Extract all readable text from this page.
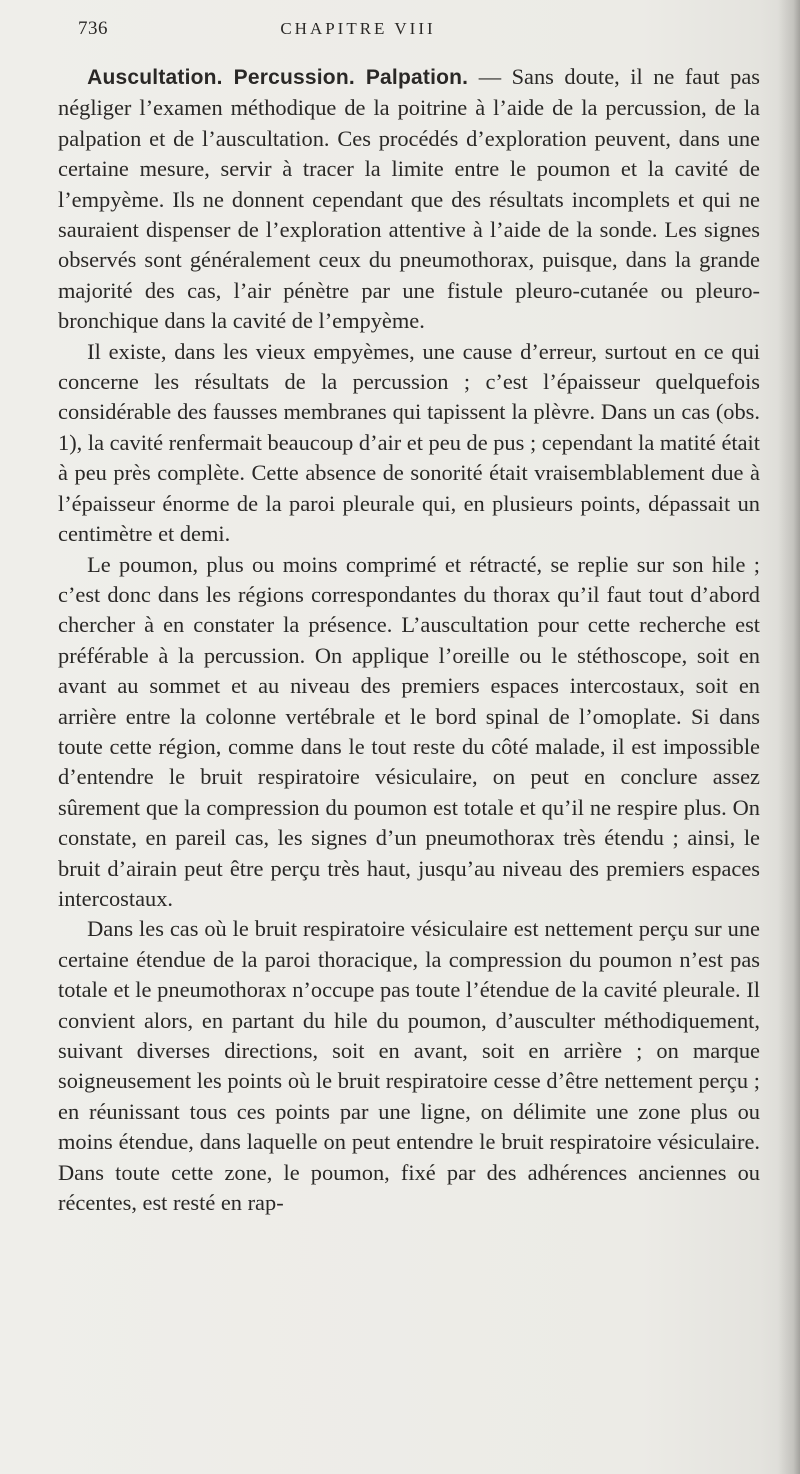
736	CHAPITRE VIII

Auscultation. Percussion. Palpation. — Sans doute, il ne faut pas négliger l’examen méthodique de la poitrine à l’aide de la percussion, de la palpation et de l’auscultation. Ces procédés d’exploration peuvent, dans une certaine mesure, servir à tracer la limite entre le poumon et la cavité de l’empyème. Ils ne donnent cependant que des résultats incomplets et qui ne sauraient dispenser de l’exploration attentive à l’aide de la sonde. Les signes observés sont généralement ceux du pneumothorax, puisque, dans la grande majorité des cas, l’air pénètre par une fistule pleuro-cutanée ou pleuro-bronchique dans la cavité de l’empyème.

Il existe, dans les vieux empyèmes, une cause d’erreur, surtout en ce qui concerne les résultats de la percussion ; c’est l’épaisseur quelquefois considérable des fausses membranes qui tapissent la plèvre. Dans un cas (obs. 1), la cavité renfermait beaucoup d’air et peu de pus ; cependant la matité était à peu près complète. Cette absence de sonorité était vraisemblablement due à l’épaisseur énorme de la paroi pleurale qui, en plusieurs points, dépassait un centimètre et demi.

Le poumon, plus ou moins comprimé et rétracté, se replie sur son hile ; c’est donc dans les régions correspondantes du thorax qu’il faut tout d’abord chercher à en constater la présence. L’auscultation pour cette recherche est préférable à la percussion. On applique l’oreille ou le stéthoscope, soit en avant au sommet et au niveau des premiers espaces intercostaux, soit en arrière entre la colonne vertébrale et le bord spinal de l’omoplate. Si dans toute cette région, comme dans le tout reste du côté malade, il est impossible d’entendre le bruit respiratoire vésiculaire, on peut en conclure assez sûrement que la compression du poumon est totale et qu’il ne respire plus. On constate, en pareil cas, les signes d’un pneumothorax très étendu ; ainsi, le bruit d’airain peut être perçu très haut, jusqu’au niveau des premiers espaces intercostaux.

Dans les cas où le bruit respiratoire vésiculaire est nettement perçu sur une certaine étendue de la paroi thoracique, la compression du poumon n’est pas totale et le pneumothorax n’occupe pas toute l’étendue de la cavité pleurale. Il convient alors, en partant du hile du poumon, d’ausculter méthodiquement, suivant diverses directions, soit en avant, soit en arrière ; on marque soigneusement les points où le bruit respiratoire cesse d’être nettement perçu ; en réunissant tous ces points par une ligne, on délimite une zone plus ou moins étendue, dans laquelle on peut entendre le bruit respiratoire vésiculaire. Dans toute cette zone, le poumon, fixé par des adhérences anciennes ou récentes, est resté en rap-
